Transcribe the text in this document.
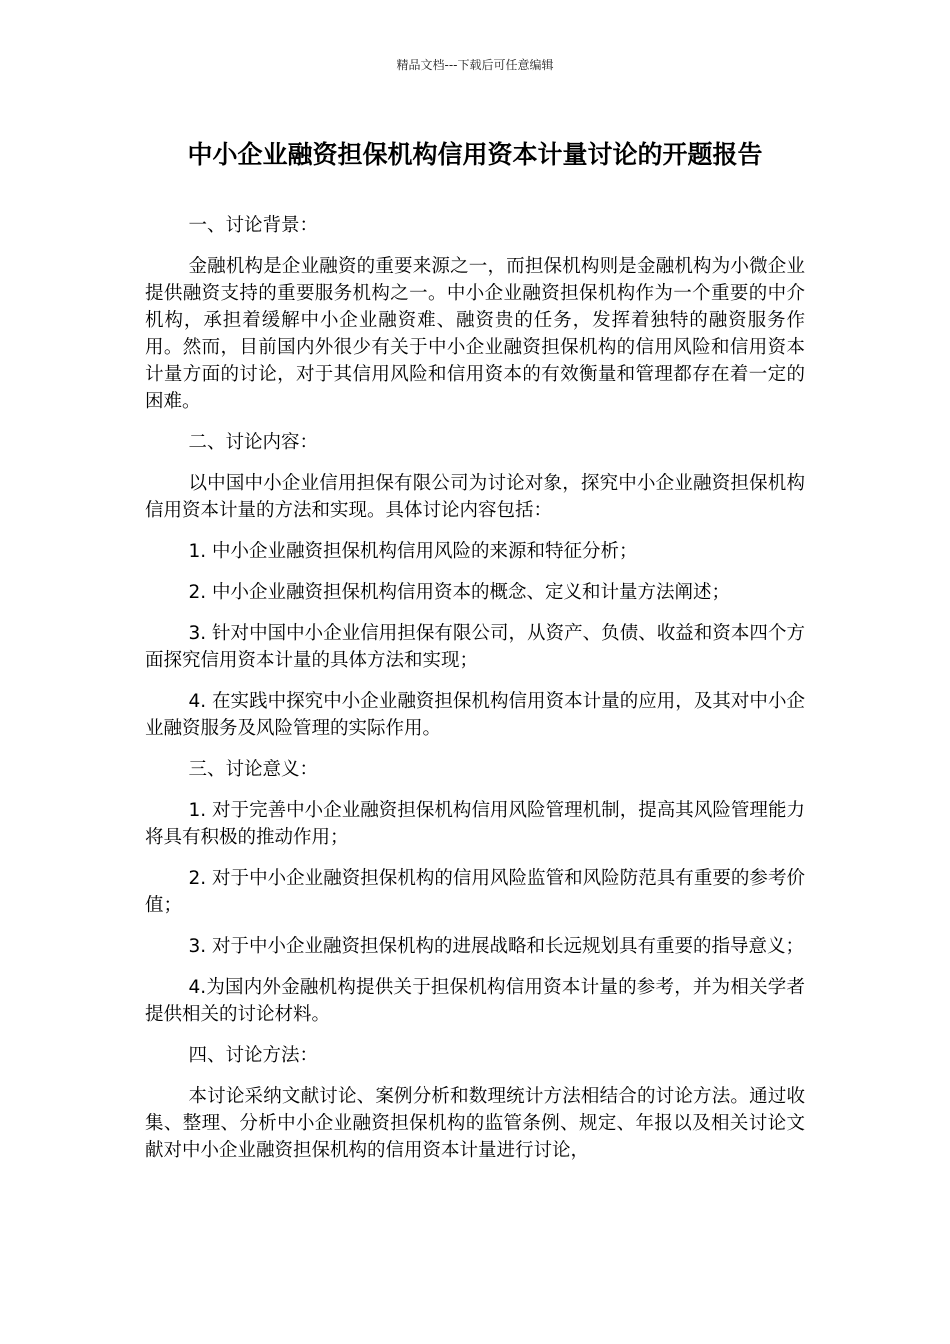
精品文档---下载后可任意编辑
中小企业融资担保机构信用资本计量讨论的开题报告

一、讨论背景：

金融机构是企业融资的重要来源之一，而担保机构则是金融机构为小微企业提供融资支持的重要服务机构之一。中小企业融资担保机构作为一个重要的中介机构，承担着缓解中小企业融资难、融资贵的任务，发挥着独特的融资服务作用。然而，目前国内外很少有关于中小企业融资担保机构的信用风险和信用资本计量方面的讨论，对于其信用风险和信用资本的有效衡量和管理都存在着一定的困难。

二、讨论内容：

以中国中小企业信用担保有限公司为讨论对象，探究中小企业融资担保机构信用资本计量的方法和实现。具体讨论内容包括：

1. 中小企业融资担保机构信用风险的来源和特征分析；

2. 中小企业融资担保机构信用资本的概念、定义和计量方法阐述；

3. 针对中国中小企业信用担保有限公司，从资产、负债、收益和资本四个方面探究信用资本计量的具体方法和实现；

4. 在实践中探究中小企业融资担保机构信用资本计量的应用，及其对中小企业融资服务及风险管理的实际作用。

三、讨论意义：

1. 对于完善中小企业融资担保机构信用风险管理机制，提高其风险管理能力将具有积极的推动作用；

2. 对于中小企业融资担保机构的信用风险监管和风险防范具有重要的参考价值；

3. 对于中小企业融资担保机构的进展战略和长远规划具有重要的指导意义；

4.为国内外金融机构提供关于担保机构信用资本计量的参考，并为相关学者提供相关的讨论材料。

四、讨论方法：

本讨论采纳文献讨论、案例分析和数理统计方法相结合的讨论方法。通过收集、整理、分析中小企业融资担保机构的监管条例、规定、年报以及相关讨论文献对中小企业融资担保机构的信用资本计量进行讨论，
